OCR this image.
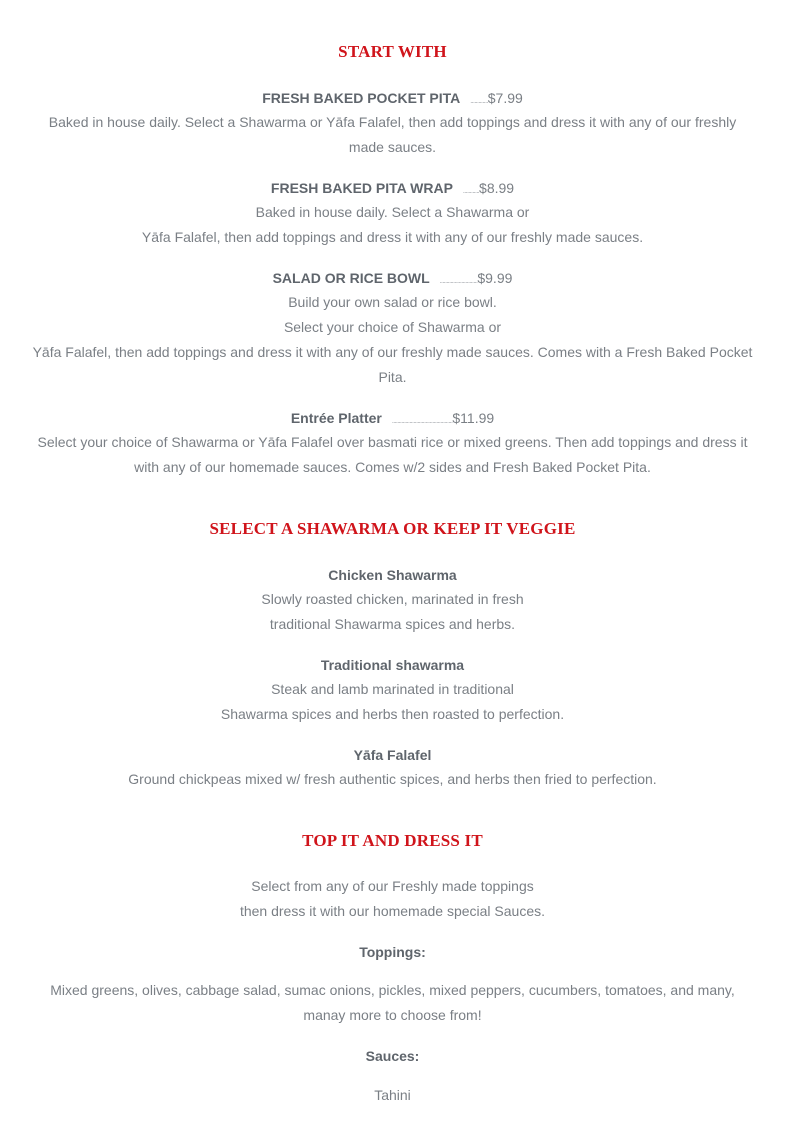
START WITH
FRESH BAKED POCKET PITA .............$7.99
Baked in house daily. Select a Shawarma or Yāfa Falafel, then add toppings and dress it with any of our freshly
made sauces.
FRESH BAKED PITA WRAP ............$8.99
Baked in house daily. Select a Shawarma or
Yāfa Falafel, then add toppings and dress it with any of our freshly made sauces.
SALAD OR RICE BOWL ............................$9.99
Build your own salad or rice bowl.
Select your choice of Shawarma or
Yāfa Falafel, then add toppings and dress it with any of our freshly made sauces. Comes with a Fresh Baked Pocket
Pita.
Entrée Platter .............................................$11.99
Select your choice of Shawarma or Yāfa Falafel over basmati rice or mixed greens. Then add toppings and dress it
with any of our homemade sauces. Comes w/2 sides and Fresh Baked Pocket Pita.
SELECT A SHAWARMA OR KEEP IT VEGGIE
Chicken Shawarma
Slowly roasted chicken, marinated in fresh
traditional Shawarma spices and herbs.
Traditional shawarma
Steak and lamb marinated in traditional
Shawarma spices and herbs then roasted to perfection.
Yāfa Falafel
Ground chickpeas mixed w/ fresh authentic spices, and herbs then fried to perfection.
TOP IT AND DRESS IT
Select from any of our Freshly made toppings
then dress it with our homemade special Sauces.
Toppings:
Mixed greens, olives, cabbage salad, sumac onions, pickles, mixed peppers, cucumbers, tomatoes, and many,
manay more to choose from!
Sauces:
Tahini
